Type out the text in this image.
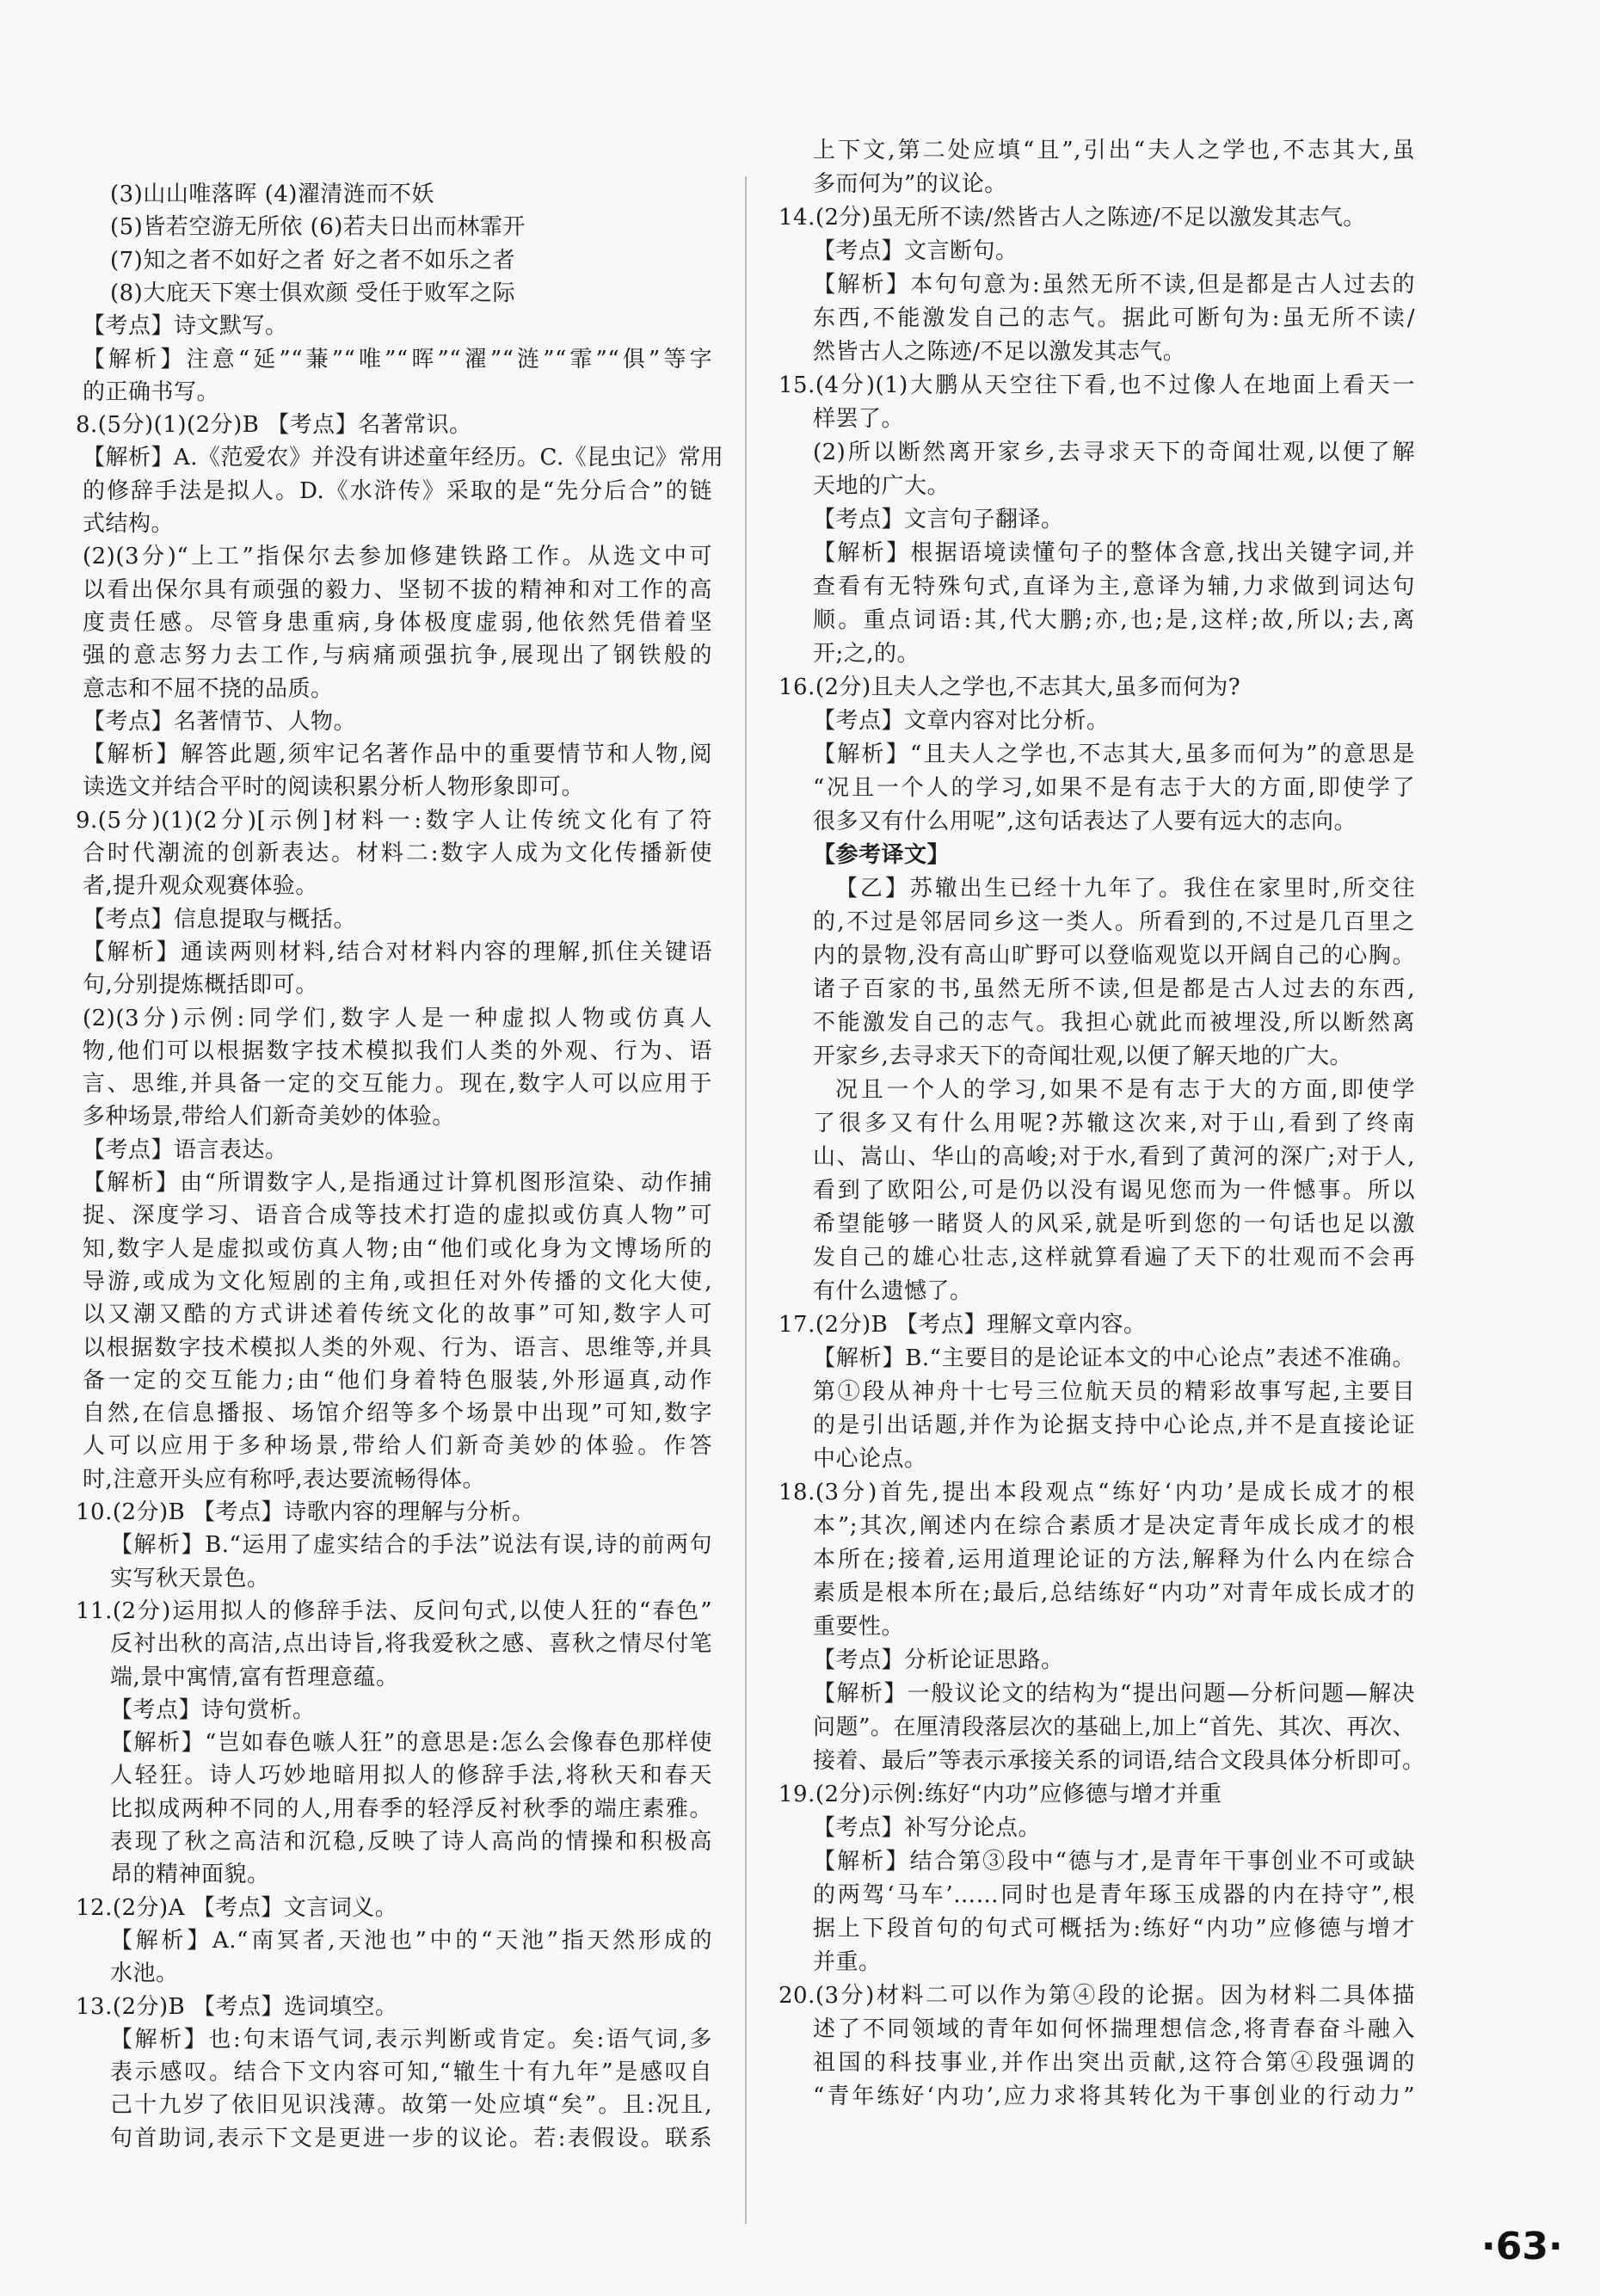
(3)山山唯落晖 (4)濯清涟而不妖
(5)皆若空游无所依 (6)若夫日出而林霏开
(7)知之者不如好之者 好之者不如乐之者
(8)大庇天下寒士俱欢颜 受任于败军之际
【考点】诗文默写。
【解析】注意“延”“蒹”“唯”“晖”“濯”“涟”“霏”“俱”等字
的正确书写。
8.(5分)(1)(2分)B 【考点】名著常识。
【解析】A.《范爱农》并没有讲述童年经历。C.《昆虫记》常用
的修辞手法是拟人。D.《水浒传》采取的是“先分后合”的链
式结构。
(2)(3分)“上工”指保尔去参加修建铁路工作。从选文中可
以看出保尔具有顽强的毅力、坚韧不拔的精神和对工作的高
度责任感。尽管身患重病,身体极度虚弱,他依然凭借着坚
强的意志努力去工作,与病痛顽强抗争,展现出了钢铁般的
意志和不屈不挠的品质。
【考点】名著情节、人物。
【解析】解答此题,须牢记名著作品中的重要情节和人物,阅
读选文并结合平时的阅读积累分析人物形象即可。
9.(5分)(1)(2分)[示例]材料一:数字人让传统文化有了符
合时代潮流的创新表达。材料二:数字人成为文化传播新使
者,提升观众观赛体验。
【考点】信息提取与概括。
【解析】通读两则材料,结合对材料内容的理解,抓住关键语
句,分别提炼概括即可。
(2)(3分)示例:同学们,数字人是一种虚拟人物或仿真人
物,他们可以根据数字技术模拟我们人类的外观、行为、语
言、思维,并具备一定的交互能力。现在,数字人可以应用于
多种场景,带给人们新奇美妙的体验。
【考点】语言表达。
【解析】由“所谓数字人,是指通过计算机图形渲染、动作捕
捉、深度学习、语音合成等技术打造的虚拟或仿真人物”可
知,数字人是虚拟或仿真人物;由“他们或化身为文博场所的
导游,或成为文化短剧的主角,或担任对外传播的文化大使,
以又潮又酷的方式讲述着传统文化的故事”可知,数字人可
以根据数字技术模拟人类的外观、行为、语言、思维等,并具
备一定的交互能力;由“他们身着特色服装,外形逼真,动作
自然,在信息播报、场馆介绍等多个场景中出现”可知,数字
人可以应用于多种场景,带给人们新奇美妙的体验。作答
时,注意开头应有称呼,表达要流畅得体。
10.(2分)B 【考点】诗歌内容的理解与分析。
【解析】B.“运用了虚实结合的手法”说法有误,诗的前两句
实写秋天景色。
11.(2分)运用拟人的修辞手法、反问句式,以使人狂的“春色”
反衬出秋的高洁,点出诗旨,将我爱秋之感、喜秋之情尽付笔
端,景中寓情,富有哲理意蕴。
【考点】诗句赏析。
【解析】“岂如春色嗾人狂”的意思是:怎么会像春色那样使
人轻狂。诗人巧妙地暗用拟人的修辞手法,将秋天和春天
比拟成两种不同的人,用春季的轻浮反衬秋季的端庄素雅。
表现了秋之高洁和沉稳,反映了诗人高尚的情操和积极高
昂的精神面貌。
12.(2分)A 【考点】文言词义。
【解析】A.“南冥者,天池也”中的“天池”指天然形成的
水池。
13.(2分)B 【考点】选词填空。
【解析】也:句末语气词,表示判断或肯定。矣:语气词,多
表示感叹。结合下文内容可知,“辙生十有九年”是感叹自
己十九岁了依旧见识浅薄。故第一处应填“矣”。且:况且,
句首助词,表示下文是更进一步的议论。若:表假设。联系
上下文,第二处应填“且”,引出“夫人之学也,不志其大,虽
多而何为”的议论。
14.(2分)虽无所不读/然皆古人之陈迹/不足以激发其志气。
【考点】文言断句。
【解析】本句句意为:虽然无所不读,但是都是古人过去的
东西,不能激发自己的志气。据此可断句为:虽无所不读/
然皆古人之陈迹/不足以激发其志气。
15.(4分)(1)大鹏从天空往下看,也不过像人在地面上看天一
样罢了。
(2)所以断然离开家乡,去寻求天下的奇闻壮观,以便了解
天地的广大。
【考点】文言句子翻译。
【解析】根据语境读懂句子的整体含意,找出关键字词,并
查看有无特殊句式,直译为主,意译为辅,力求做到词达句
顺。重点词语:其,代大鹏;亦,也;是,这样;故,所以;去,离
开;之,的。
16.(2分)且夫人之学也,不志其大,虽多而何为?
【考点】文章内容对比分析。
【解析】“且夫人之学也,不志其大,虽多而何为”的意思是
“况且一个人的学习,如果不是有志于大的方面,即使学了
很多又有什么用呢”,这句话表达了人要有远大的志向。
【参考译文】
【乙】苏辙出生已经十九年了。我住在家里时,所交往
的,不过是邻居同乡这一类人。所看到的,不过是几百里之
内的景物,没有高山旷野可以登临观览以开阔自己的心胸。
诸子百家的书,虽然无所不读,但是都是古人过去的东西,
不能激发自己的志气。我担心就此而被埋没,所以断然离
开家乡,去寻求天下的奇闻壮观,以便了解天地的广大。
况且一个人的学习,如果不是有志于大的方面,即使学
了很多又有什么用呢?苏辙这次来,对于山,看到了终南
山、嵩山、华山的高峻;对于水,看到了黄河的深广;对于人,
看到了欧阳公,可是仍以没有谒见您而为一件憾事。所以
希望能够一睹贤人的风采,就是听到您的一句话也足以激
发自己的雄心壮志,这样就算看遍了天下的壮观而不会再
有什么遗憾了。
17.(2分)B 【考点】理解文章内容。
【解析】B.“主要目的是论证本文的中心论点”表述不准确。
第①段从神舟十七号三位航天员的精彩故事写起,主要目
的是引出话题,并作为论据支持中心论点,并不是直接论证
中心论点。
18.(3分)首先,提出本段观点“练好‘内功’是成长成才的根
本”;其次,阐述内在综合素质才是决定青年成长成才的根
本所在;接着,运用道理论证的方法,解释为什么内在综合
素质是根本所在;最后,总结练好“内功”对青年成长成才的
重要性。
【考点】分析论证思路。
【解析】一般议论文的结构为“提出问题—分析问题—解决
问题”。在厘清段落层次的基础上,加上“首先、其次、再次、
接着、最后”等表示承接关系的词语,结合文段具体分析即可。
19.(2分)示例:练好“内功”应修德与增才并重
【考点】补写分论点。
【解析】结合第③段中“德与才,是青年干事创业不可或缺
的两驾‘马车’……同时也是青年琢玉成器的内在持守”,根
据上下段首句的句式可概括为:练好“内功”应修德与增才
并重。
20.(3分)材料二可以作为第④段的论据。因为材料二具体描
述了不同领域的青年如何怀揣理想信念,将青春奋斗融入
祖国的科技事业,并作出突出贡献,这符合第④段强调的
“青年练好‘内功’,应力求将其转化为干事创业的行动力”
·63·
